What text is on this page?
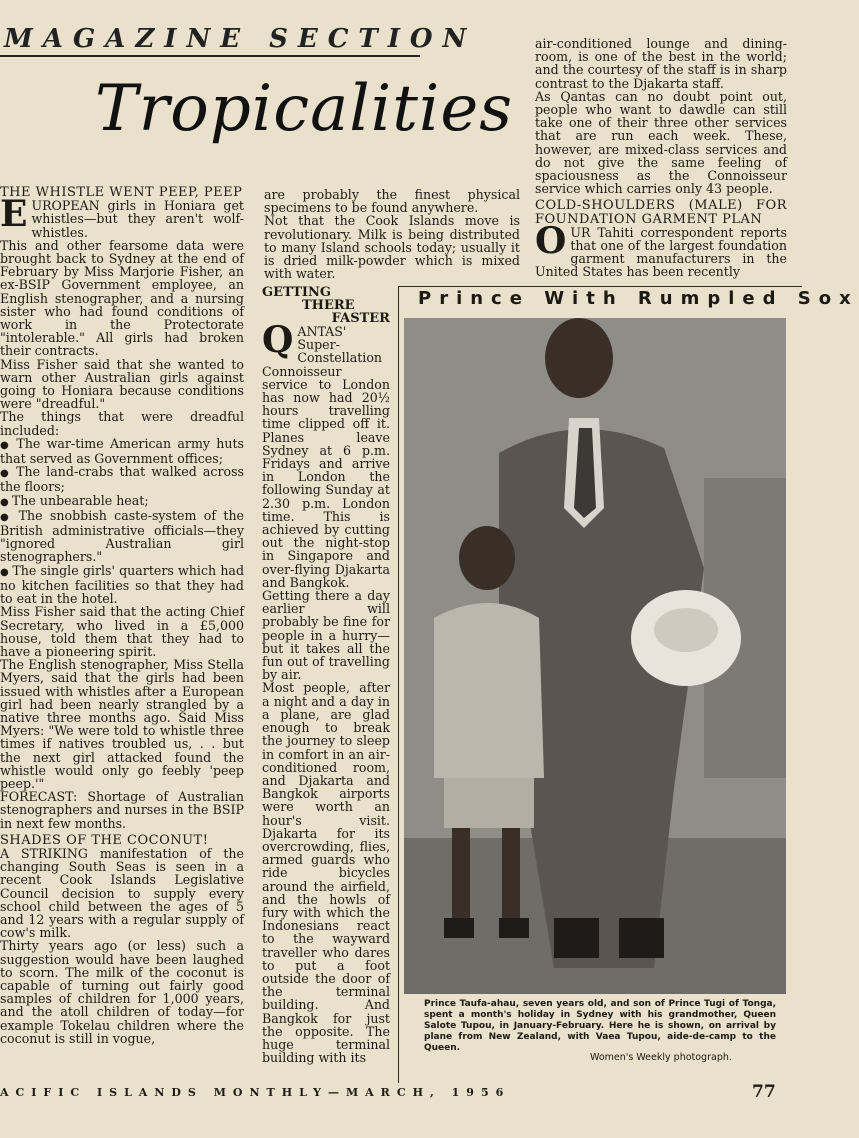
MAGAZINE SECTION
Tropicalities

THE WHISTLE WENT PEEP, PEEP

EUROPEAN girls in Honiara get whistles—but they aren't wolf-whistles.

This and other fearsome data were brought back to Sydney at the end of February by Miss Marjorie Fisher, an ex-BSIP Government employee, an English stenographer, and a nursing sister who had found conditions of work in the Protectorate "intolerable." All girls had broken their contracts.

Miss Fisher said that she wanted to warn other Australian girls against going to Honiara because conditions were "dreadful."

The things that were dreadful included:

● The war-time American army huts that served as Government offices;

● The land-crabs that walked across the floors;

● The unbearable heat;

● The snobbish caste-system of the British administrative officials—they "ignored Australian girl stenographers."

● The single girls' quarters which had no kitchen facilities so that they had to eat in the hotel.

Miss Fisher said that the acting Chief Secretary, who lived in a £5,000 house, told them that they had to have a pioneering spirit.

The English stenographer, Miss Stella Myers, said that the girls had been issued with whistles after a European girl had been nearly strangled by a native three months ago. Said Miss Myers: "We were told to whistle three times if natives troubled us, . . but the next girl attacked found the whistle would only go feebly 'peep peep.'"

FORECAST: Shortage of Australian stenographers and nurses in the BSIP in next few months.

SHADES OF THE COCONUT!

A STRIKING manifestation of the changing South Seas is seen in a recent Cook Islands Legislative Council decision to supply every school child between the ages of 5 and 12 years with a regular supply of cow's milk.

Thirty years ago (or less) such a suggestion would have been laughed to scorn. The milk of the coconut is capable of turning out fairly good samples of children for 1,000 years, and the atoll children of today—for example Tokelau children where the coconut is still in vogue,

are probably the finest physical specimens to be found anywhere.

Not that the Cook Islands move is revolutionary. Milk is being distributed to many Island schools today; usually it is dried milk-powder which is mixed with water.

GETTING

THERE

FASTER

QANTAS' Super-Constellation Connoisseur service to London has now had 20½ hours travelling time clipped off it. Planes leave Sydney at 6 p.m. Fridays and arrive in London the following Sunday at 2.30 p.m. London time. This is achieved by cutting out the night-stop in Singapore and over-flying Djakarta and Bangkok.

Getting there a day earlier will probably be fine for people in a hurry—but it takes all the fun out of travelling by air.

Most people, after a night and a day in a plane, are glad enough to break the journey to sleep in comfort in an air-conditioned room, and Djakarta and Bangkok airports were worth an hour's visit. Djakarta for its overcrowding, flies, armed guards who ride bicycles around the airfield, and the howls of fury with which the Indonesians react to the wayward traveller who dares to put a foot outside the door of the terminal building. And Bangkok for just the opposite. The huge terminal building with its

air-conditioned lounge and dining-room, is one of the best in the world; and the courtesy of the staff is in sharp contrast to the Djakarta staff.

As Qantas can no doubt point out, people who want to dawdle can still take one of their three other services that are run each week. These, however, are mixed-class services and do not give the same feeling of spaciousness as the Connoisseur service which carries only 43 people.

COLD-SHOULDERS (MALE) FOR FOUNDATION GARMENT PLAN

OUR Tahiti correspondent reports that one of the largest foundation garment manufacturers in the United States has been recently

Prince With Rumpled Sox
Prince Taufa-ahau, seven years old, and son of Prince Tugi of Tonga, spent a month's holiday in Sydney with his grandmother, Queen Salote Tupou, in January-February. Here he is shown, on arrival by plane from New Zealand, with Vaea Tupou, aide-de-camp to the Queen.
Women's Weekly photograph.
ACIFIC ISLANDS MONTHLY—MARCH, 1956	77
